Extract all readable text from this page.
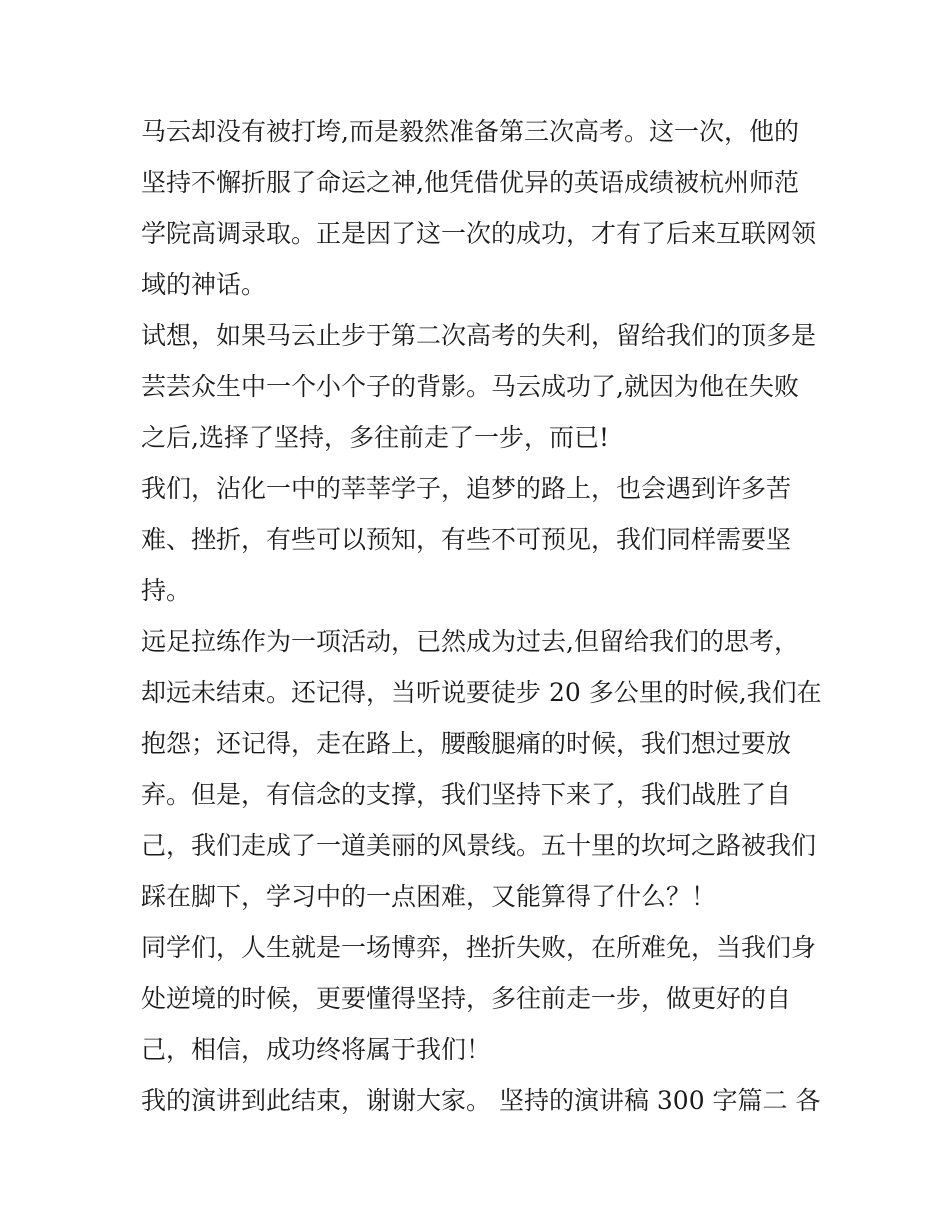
马云却没有被打垮,而是毅然准备第三次高考。这一次，他的
坚持不懈折服了命运之神,他凭借优异的英语成绩被杭州师范
学院高调录取。正是因了这一次的成功，才有了后来互联网领
域的神话。
试想，如果马云止步于第二次高考的失利，留给我们的顶多是
芸芸众生中一个小个子的背影。马云成功了,就因为他在失败
之后,选择了坚持，多往前走了一步，而已!
我们，沾化一中的莘莘学子，追梦的路上，也会遇到许多苦
难、挫折，有些可以预知，有些不可预见，我们同样需要坚
持。
远足拉练作为一项活动，已然成为过去,但留给我们的思考，
却远未结束。还记得，当听说要徒步 20 多公里的时候,我们在
抱怨；还记得，走在路上，腰酸腿痛的时候，我们想过要放
弃。但是，有信念的支撑，我们坚持下来了，我们战胜了自
己，我们走成了一道美丽的风景线。五十里的坎坷之路被我们
踩在脚下，学习中的一点困难，又能算得了什么？！
同学们，人生就是一场博弈，挫折失败，在所难免，当我们身
处逆境的时候，更要懂得坚持，多往前走一步，做更好的自
己，相信，成功终将属于我们！
我的演讲到此结束，谢谢大家。 坚持的演讲稿 300 字篇二 各
